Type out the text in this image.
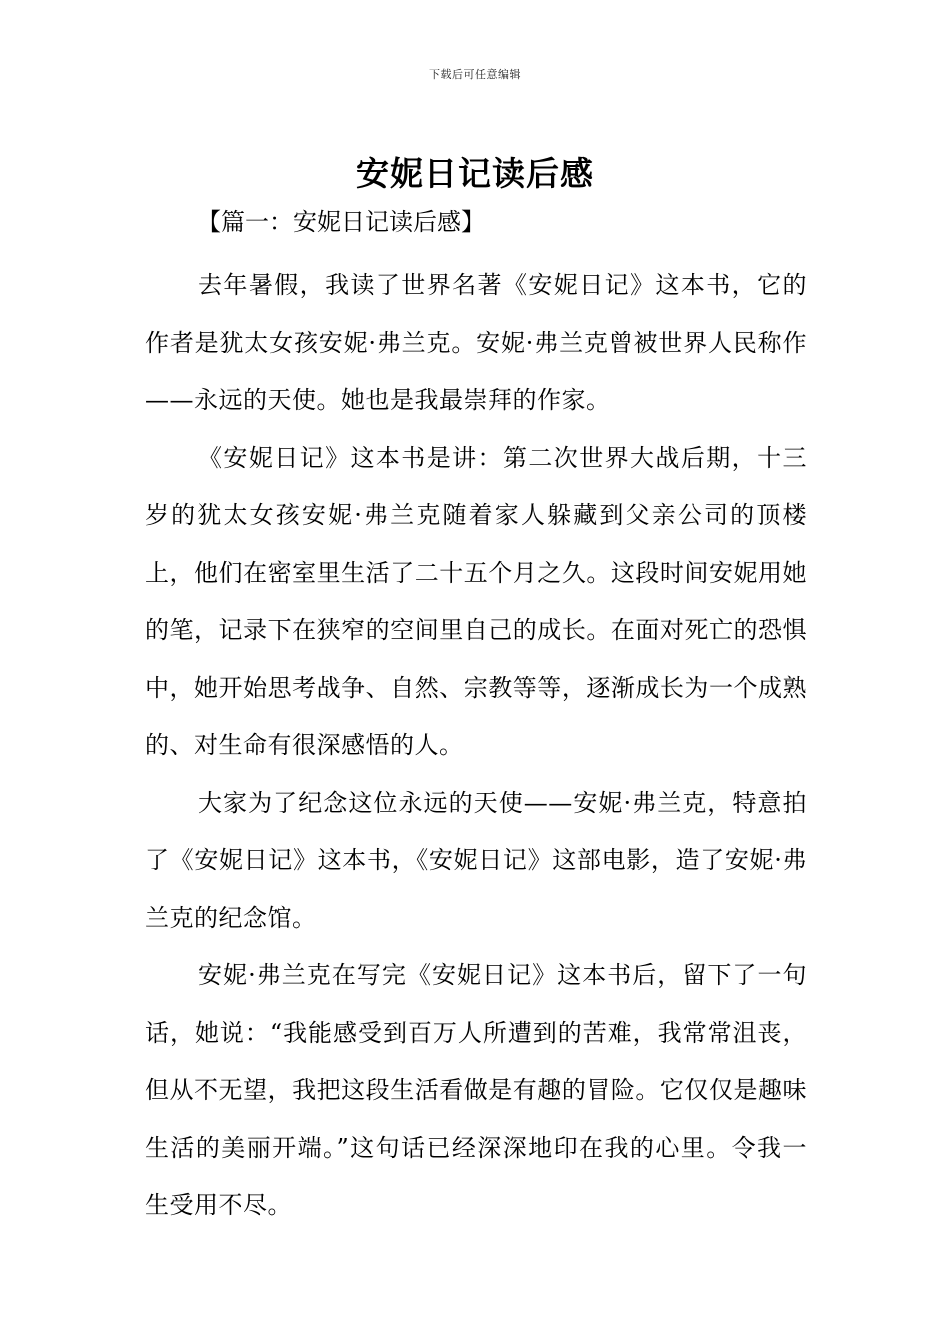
下载后可任意编辑
安妮日记读后感
【篇一：安妮日记读后感】

去年暑假，我读了世界名著《安妮日记》这本书，它的作者是犹太女孩安妮·弗兰克。安妮·弗兰克曾被世界人民称作——永远的天使。她也是我最崇拜的作家。

《安妮日记》这本书是讲：第二次世界大战后期，十三岁的犹太女孩安妮·弗兰克随着家人躲藏到父亲公司的顶楼上，他们在密室里生活了二十五个月之久。这段时间安妮用她的笔，记录下在狭窄的空间里自己的成长。在面对死亡的恐惧中，她开始思考战争、自然、宗教等等，逐渐成长为一个成熟的、对生命有很深感悟的人。

大家为了纪念这位永远的天使——安妮·弗兰克，特意拍了《安妮日记》这本书，《安妮日记》这部电影，造了安妮·弗兰克的纪念馆。

安妮·弗兰克在写完《安妮日记》这本书后，留下了一句话，她说：“我能感受到百万人所遭到的苦难，我常常沮丧，但从不无望，我把这段生活看做是有趣的冒险。它仅仅是趣味生活的美丽开端。”这句话已经深深地印在我的心里。令我一生受用不尽。
